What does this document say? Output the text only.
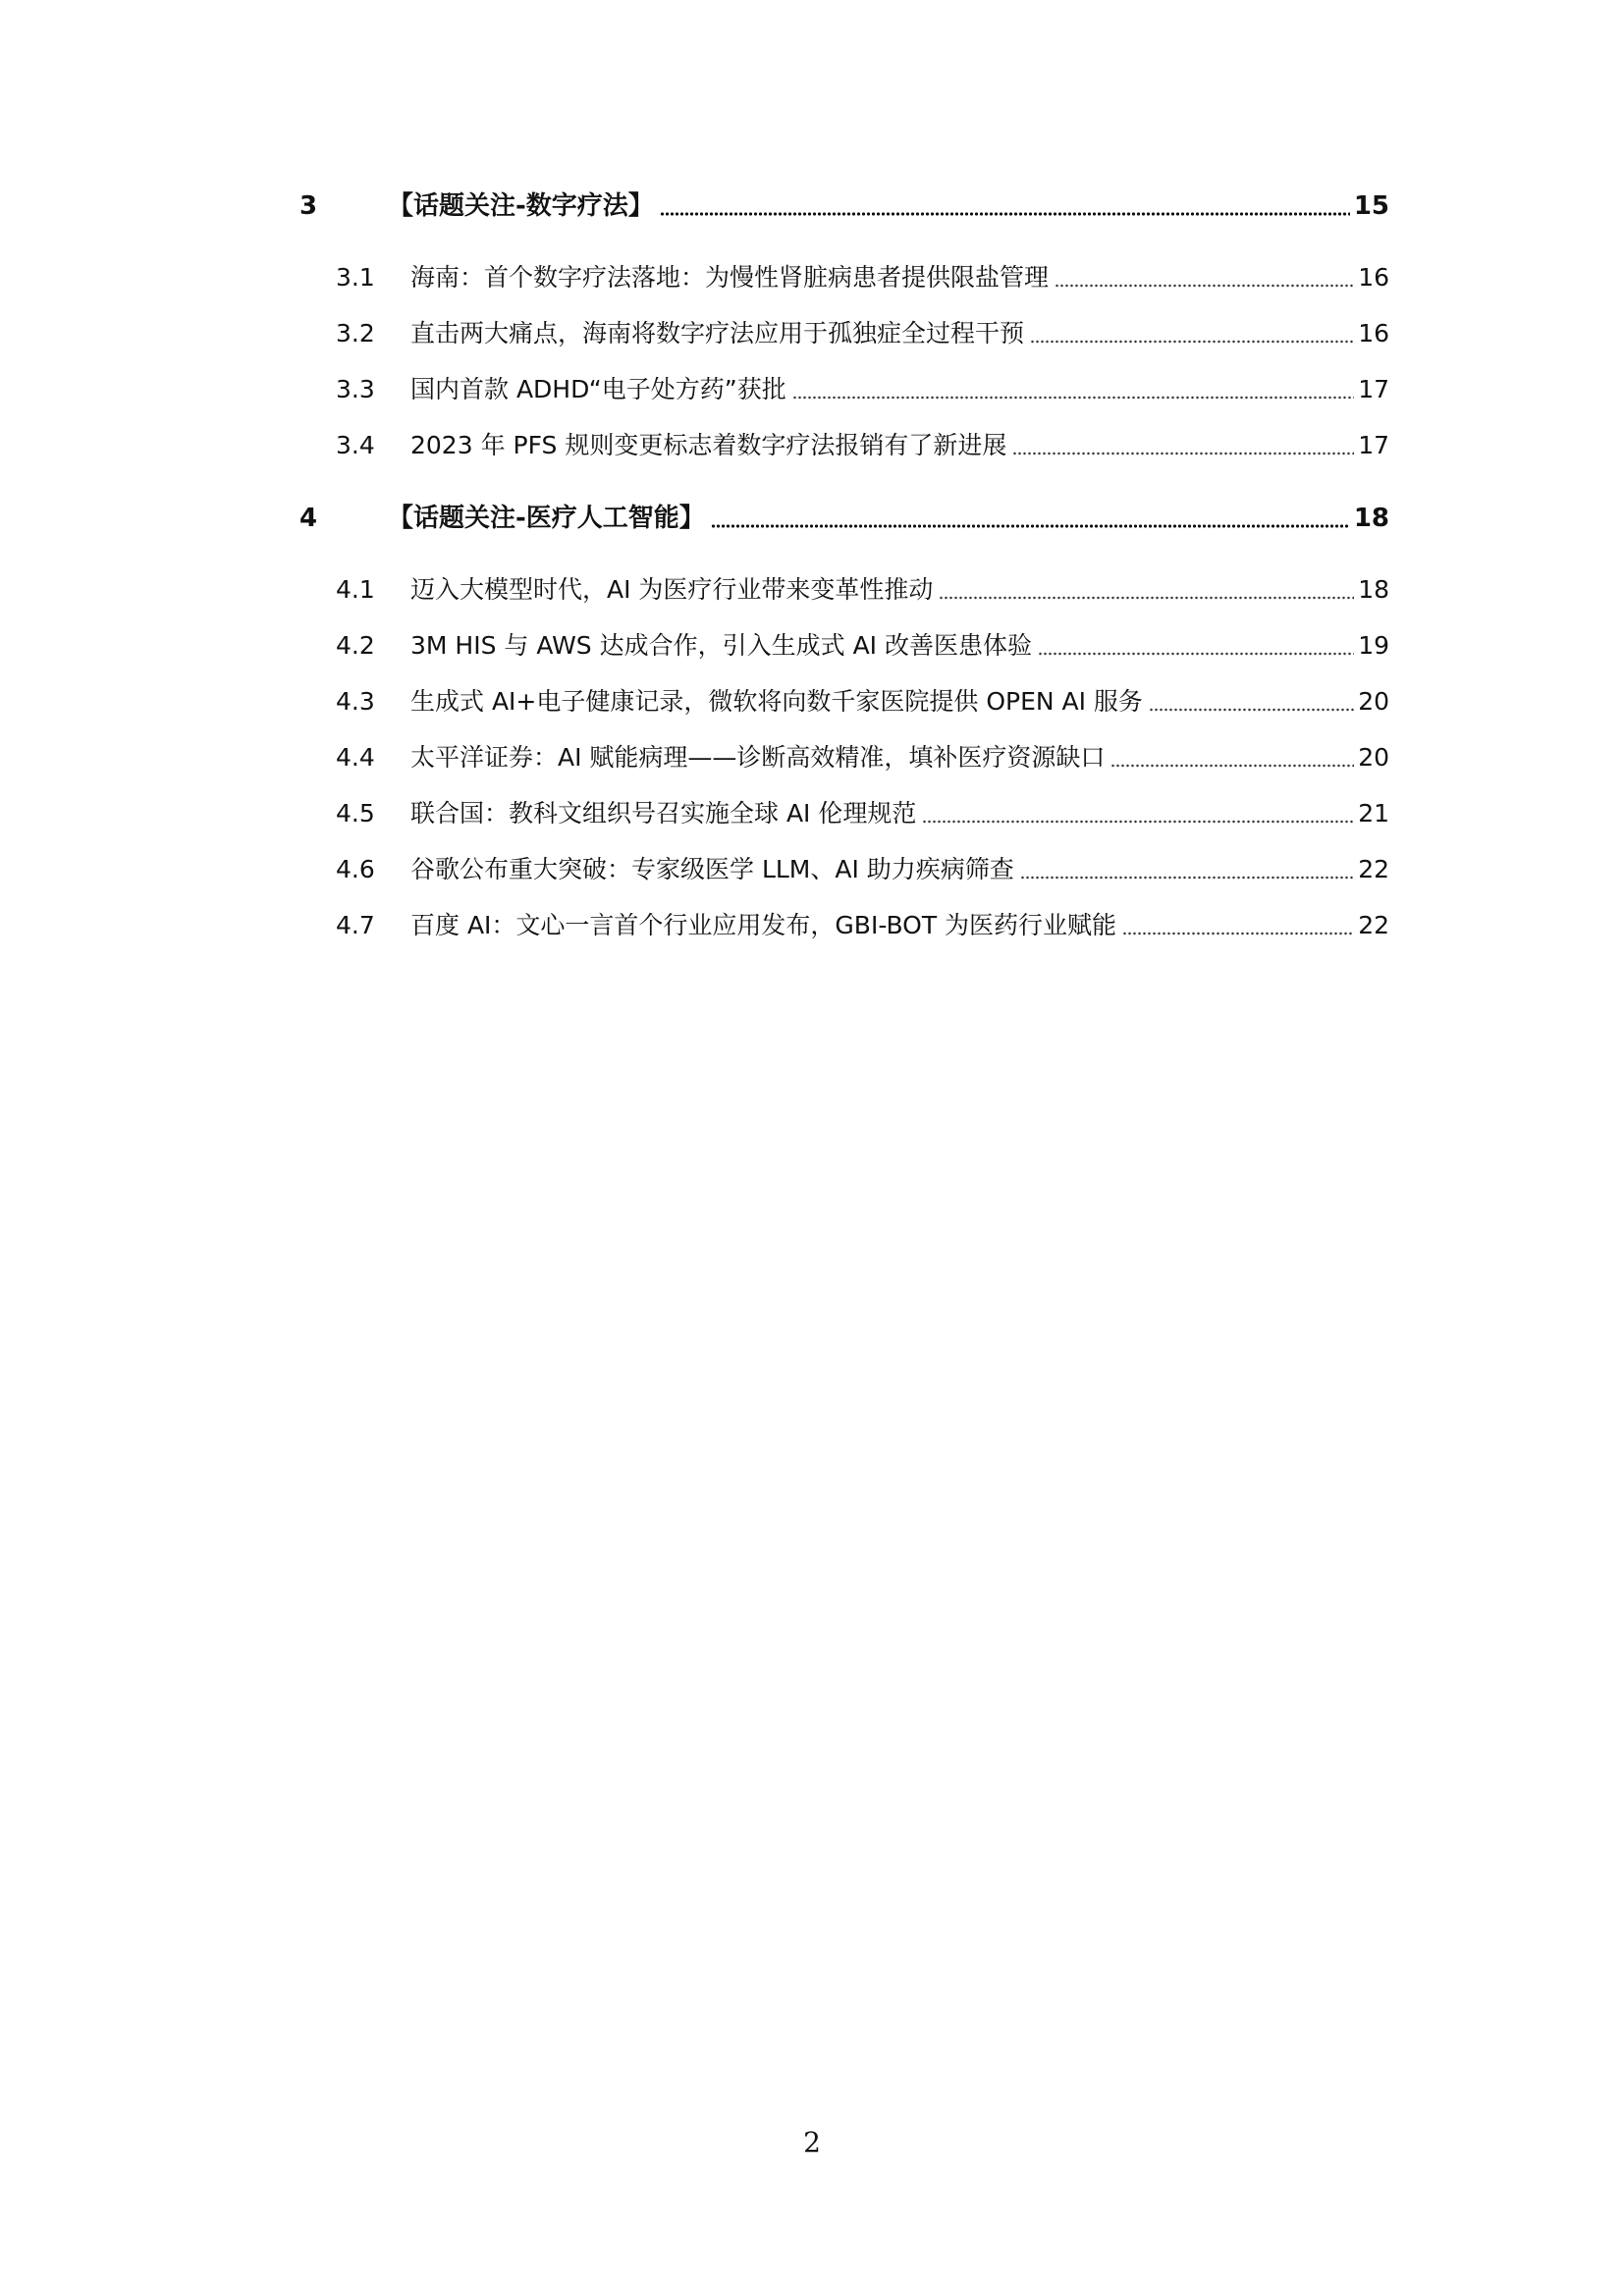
3	【话题关注-数字疗法】	15
3.1	海南：首个数字疗法落地：为慢性肾脏病患者提供限盐管理	16
3.2	直击两大痛点，海南将数字疗法应用于孤独症全过程干预	16
3.3	国内首款 ADHD“电子处方药”获批	17
3.4	2023 年 PFS 规则变更标志着数字疗法报销有了新进展	17
4	【话题关注-医疗人工智能】	18
4.1	迈入大模型时代，AI 为医疗行业带来变革性推动	18
4.2	3M HIS 与 AWS 达成合作，引入生成式 AI 改善医患体验	19
4.3	生成式 AI+电子健康记录，微软将向数千家医院提供 OPEN AI 服务	20
4.4	太平洋证券：AI 赋能病理——诊断高效精准，填补医疗资源缺口	20
4.5	联合国：教科文组织号召实施全球 AI 伦理规范	21
4.6	谷歌公布重大突破：专家级医学 LLM、AI 助力疾病筛查	22
4.7	百度 AI：文心一言首个行业应用发布，GBI-BOT 为医药行业赋能	22
2
